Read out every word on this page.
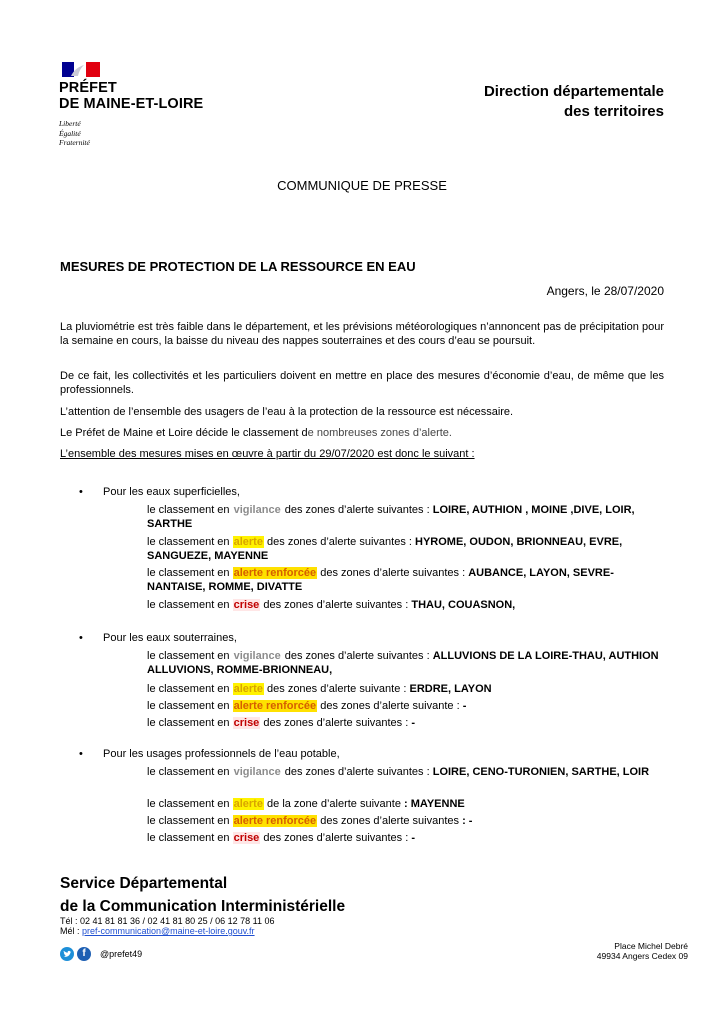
PRÉFET
DE MAINE-ET-LOIRE
Liberté
Égalité
Fraternité
Direction départementale
des territoires
COMMUNIQUE DE PRESSE
MESURES DE PROTECTION DE LA RESSOURCE EN EAU
Angers, le 28/07/2020
La pluviométrie est très faible dans le département, et les prévisions météorologiques n’annoncent pas de précipitation pour la semaine en cours, la baisse du niveau des nappes souterraines et des cours d’eau se poursuit.
De ce fait, les collectivités et les particuliers doivent en mettre en place des mesures d’économie d’eau, de même que les professionnels.
L’attention de l’ensemble des usagers de l’eau à la protection de la ressource est nécessaire.
Le Préfet de Maine et Loire décide le classement de nombreuses zones d’alerte.
L’ensemble des mesures mises en œuvre à partir du 29/07/2020 est donc le suivant :
• Pour les eaux superficielles,
le classement en vigilance des zones d’alerte suivantes : LOIRE, AUTHION , MOINE ,DIVE, LOIR, SARTHE
le classement en alerte des zones d’alerte suivantes : HYROME, OUDON, BRIONNEAU, EVRE, SANGUEZE, MAYENNE
le classement en alerte renforcée des zones d’alerte suivantes : AUBANCE, LAYON, SEVRE-NANTAISE, ROMME, DIVATTE
le classement en crise des zones d’alerte suivantes : THAU, COUASNON,
• Pour les eaux souterraines,
le classement en vigilance des zones d’alerte suivantes : ALLUVIONS DE LA LOIRE-THAU, AUTHION ALLUVIONS, ROMME-BRIONNEAU,
le classement en alerte des zones d’alerte suivante : ERDRE, LAYON
le classement en alerte renforcée des zones d’alerte suivante : -
le classement en crise des zones d’alerte suivantes : -
• Pour les usages professionnels de l’eau potable,
le classement en vigilance des zones d’alerte suivantes : LOIRE, CENO-TURONIEN, SARTHE, LOIR
le classement en alerte de la zone d’alerte suivante : MAYENNE
le classement en alerte renforcée des zones d’alerte suivantes : -
le classement en crise des zones d’alerte suivantes : -
Service Départemental
de la Communication Interministérielle
Tél : 02 41 81 81 36 / 02 41 81 80 25 / 06 12 78 11 06
Mél : pref-communication@maine-et-loire.gouv.fr
f	@prefet49
Place Michel Debré
49934 Angers Cedex 09
